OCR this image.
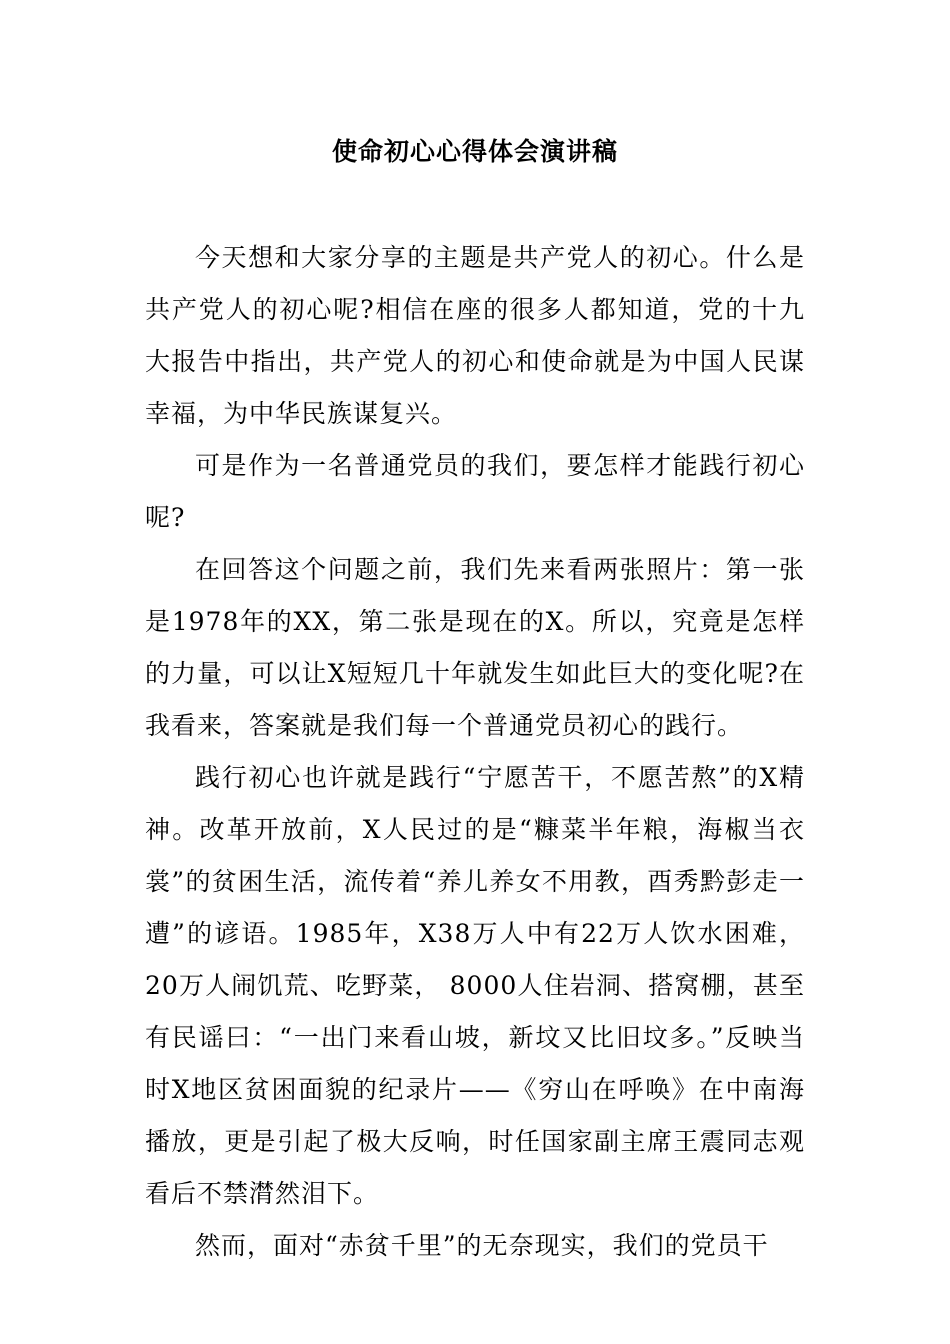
使命初心心得体会演讲稿

今天想和大家分享的主题是共产党人的初心。什么是共产党人的初心呢?相信在座的很多人都知道，党的十九大报告中指出，共产党人的初心和使命就是为中国人民谋幸福，为中华民族谋复兴。

可是作为一名普通党员的我们，要怎样才能践行初心呢?

在回答这个问题之前，我们先来看两张照片：第一张是1978年的XX，第二张是现在的X。所以，究竟是怎样的力量，可以让X短短几十年就发生如此巨大的变化呢?在我看来，答案就是我们每一个普通党员初心的践行。

践行初心也许就是践行“宁愿苦干，不愿苦熬”的X精神。改革开放前，X人民过的是“糠菜半年粮，海椒当衣裳”的贫困生活，流传着“养儿养女不用教，酉秀黔彭走一遭”的谚语。1985年，X38万人中有22万人饮水困难，20万人闹饥荒、吃野菜， 8000人住岩洞、搭窝棚，甚至有民谣曰：“一出门来看山坡，新坟又比旧坟多。”反映当时X地区贫困面貌的纪录片——《穷山在呼唤》在中南海播放，更是引起了极大反响，时任国家副主席王震同志观看后不禁潸然泪下。

然而，面对“赤贫千里”的无奈现实，我们的党员干
